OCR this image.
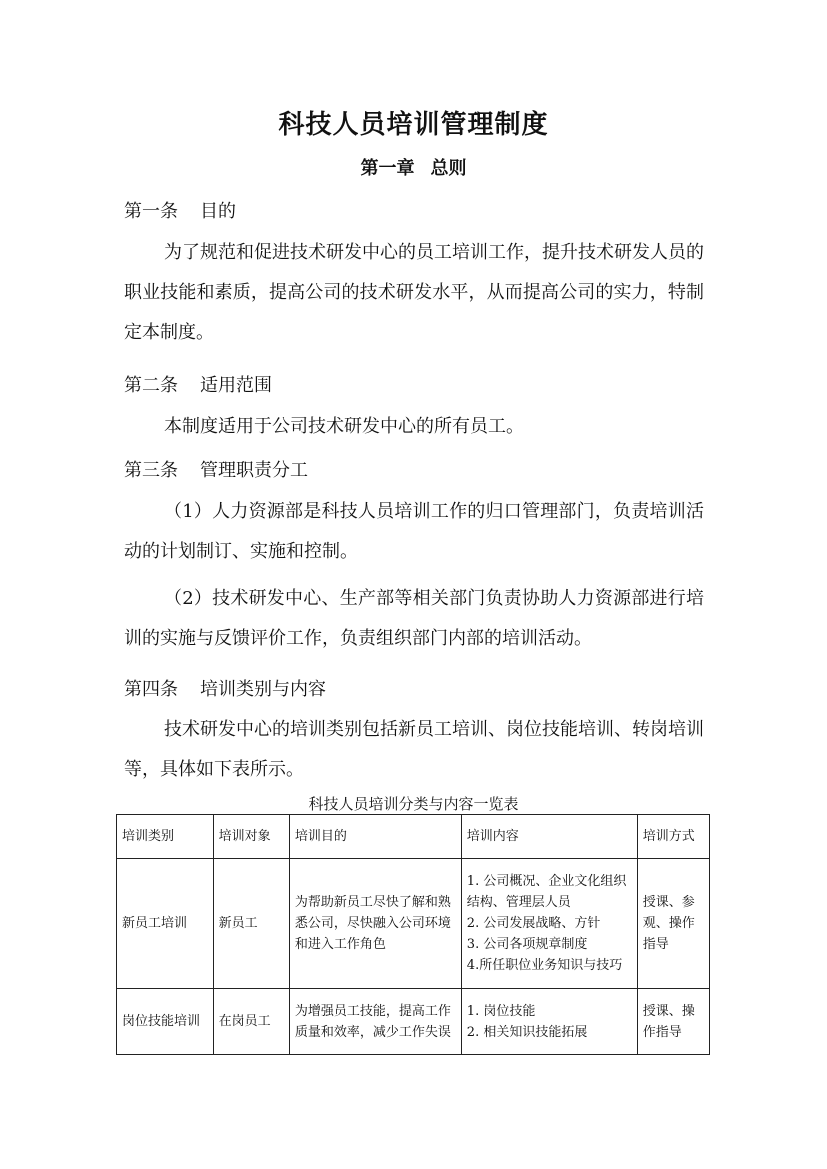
科技人员培训管理制度
第一章 总则
第一条 目的

为了规范和促进技术研发中心的员工培训工作，提升技术研发人员的职业技能和素质，提高公司的技术研发水平，从而提高公司的实力，特制定本制度。

第二条 适用范围

本制度适用于公司技术研发中心的所有员工。

第三条 管理职责分工

（1）人力资源部是科技人员培训工作的归口管理部门，负责培训活动的计划制订、实施和控制。

（2）技术研发中心、生产部等相关部门负责协助人力资源部进行培训的实施与反馈评价工作，负责组织部门内部的培训活动。

第四条 培训类别与内容

技术研发中心的培训类别包括新员工培训、岗位技能培训、转岗培训等，具体如下表所示。

科技人员培训分类与内容一览表
培训类别	培训对象	培训目的	培训内容	培训方式
新员工培训	新员工	为帮助新员工尽快了解和熟悉公司，尽快融入公司环境和进入工作角色	1. 公司概况、企业文化组织结构、管理层人员
2. 公司发展战略、方针
3. 公司各项规章制度
4.所任职位业务知识与技巧	授课、参观、操作指导
岗位技能培训	在岗员工	为增强员工技能，提高工作质量和效率，减少工作失误	1. 岗位技能
2. 相关知识技能拓展	授课、操作指导
